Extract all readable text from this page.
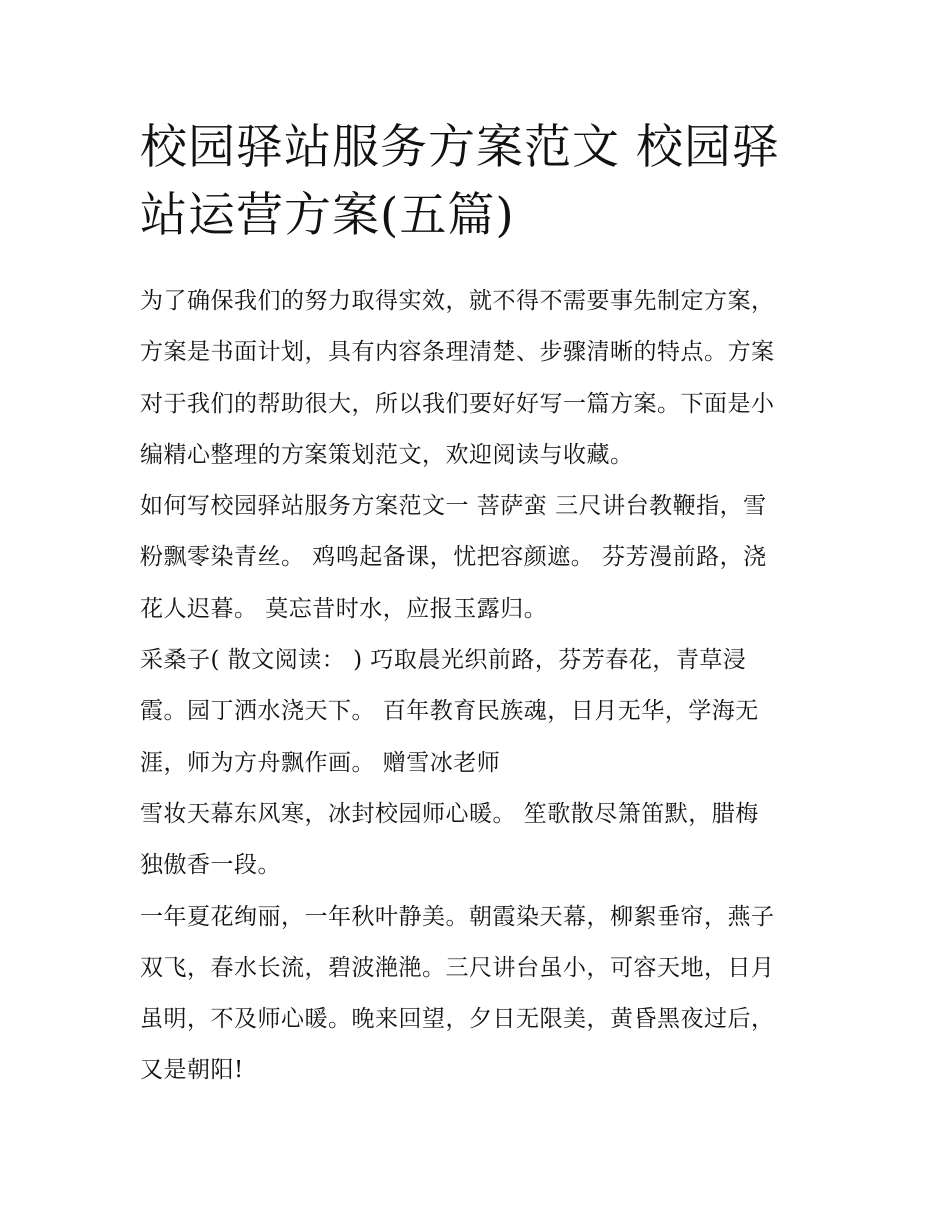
校园驿站服务方案范文 校园驿
站运营方案(五篇)
为了确保我们的努力取得实效，就不得不需要事先制定方案，
方案是书面计划，具有内容条理清楚、步骤清晰的特点。方案
对于我们的帮助很大，所以我们要好好写一篇方案。下面是小
编精心整理的方案策划范文，欢迎阅读与收藏。
如何写校园驿站服务方案范文一 菩萨蛮 三尺讲台教鞭指，雪
粉飘零染青丝。 鸡鸣起备课，忧把容颜遮。 芬芳漫前路，浇
花人迟暮。 莫忘昔时水，应报玉露归。
采桑子( 散文阅读： ) 巧取晨光织前路，芬芳春花，青草浸
霞。园丁洒水浇天下。 百年教育民族魂，日月无华，学海无
涯，师为方舟飘作画。 赠雪冰老师
雪妆天幕东风寒，冰封校园师心暖。 笙歌散尽箫笛默，腊梅
独傲香一段。
一年夏花绚丽，一年秋叶静美。朝霞染天幕，柳絮垂帘，燕子
双飞，春水长流，碧波滟滟。三尺讲台虽小，可容天地，日月
虽明，不及师心暖。晚来回望，夕日无限美，黄昏黑夜过后，
又是朝阳!
